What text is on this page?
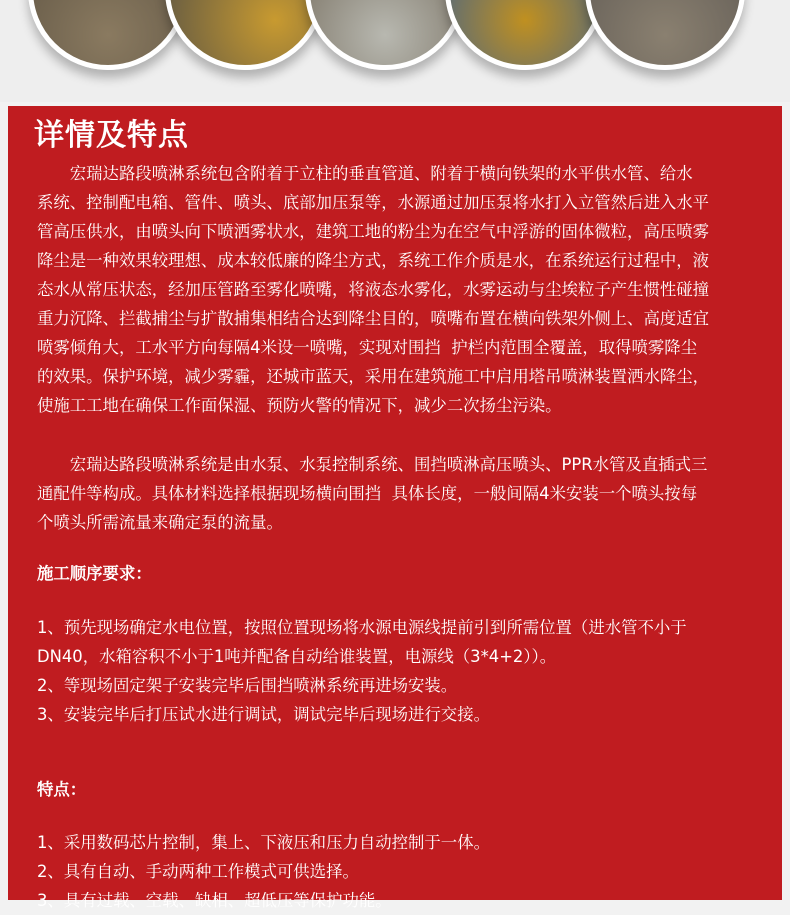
详情及特点
　　宏瑞达路段喷淋系统包含附着于立柱的垂直管道、附着于横向铁架的水平供水管、给水
系统、控制配电箱、管件、喷头、底部加压泵等，水源通过加压泵将水打入立管然后进入水平
管高压供水，由喷头向下喷洒雾状水，建筑工地的粉尘为在空气中浮游的固体微粒，高压喷雾
降尘是一种效果较理想、成本较低廉的降尘方式，系统工作介质是水，在系统运行过程中，液
态水从常压状态，经加压管路至雾化喷嘴，将液态水雾化，水雾运动与尘埃粒子产生惯性碰撞
重力沉降、拦截捕尘与扩散捕集相结合达到降尘目的，喷嘴布置在横向铁架外侧上、高度适宜
喷雾倾角大，工水平方向每隔4米设一喷嘴，实现对围挡  护栏内范围全覆盖，取得喷雾降尘
的效果。保护环境，减少雾霾，还城市蓝天，采用在建筑施工中启用塔吊喷淋装置洒水降尘，
使施工工地在确保工作面保湿、预防火警的情况下，减少二次扬尘污染。
　　宏瑞达路段喷淋系统是由水泵、水泵控制系统、围挡喷淋高压喷头、PPR水管及直插式三
通配件等构成。具体材料选择根据现场横向围挡  具体长度，一般间隔4米安装一个喷头按每
个喷头所需流量来确定泵的流量。
施工顺序要求：
1、预先现场确定水电位置，按照位置现场将水源电源线提前引到所需位置（进水管不小于
DN40，水箱容积不小于1吨并配备自动给谁装置，电源线（3*4+2））。
2、等现场固定架子安装完毕后围挡喷淋系统再进场安装。
3、安装完毕后打压试水进行调试，调试完毕后现场进行交接。
特点：
1、采用数码芯片控制，集上、下液压和压力自动控制于一体。
2、具有自动、手动两种工作模式可供选择。
3、具有过载、空载、缺相、超低压等保护功能。
